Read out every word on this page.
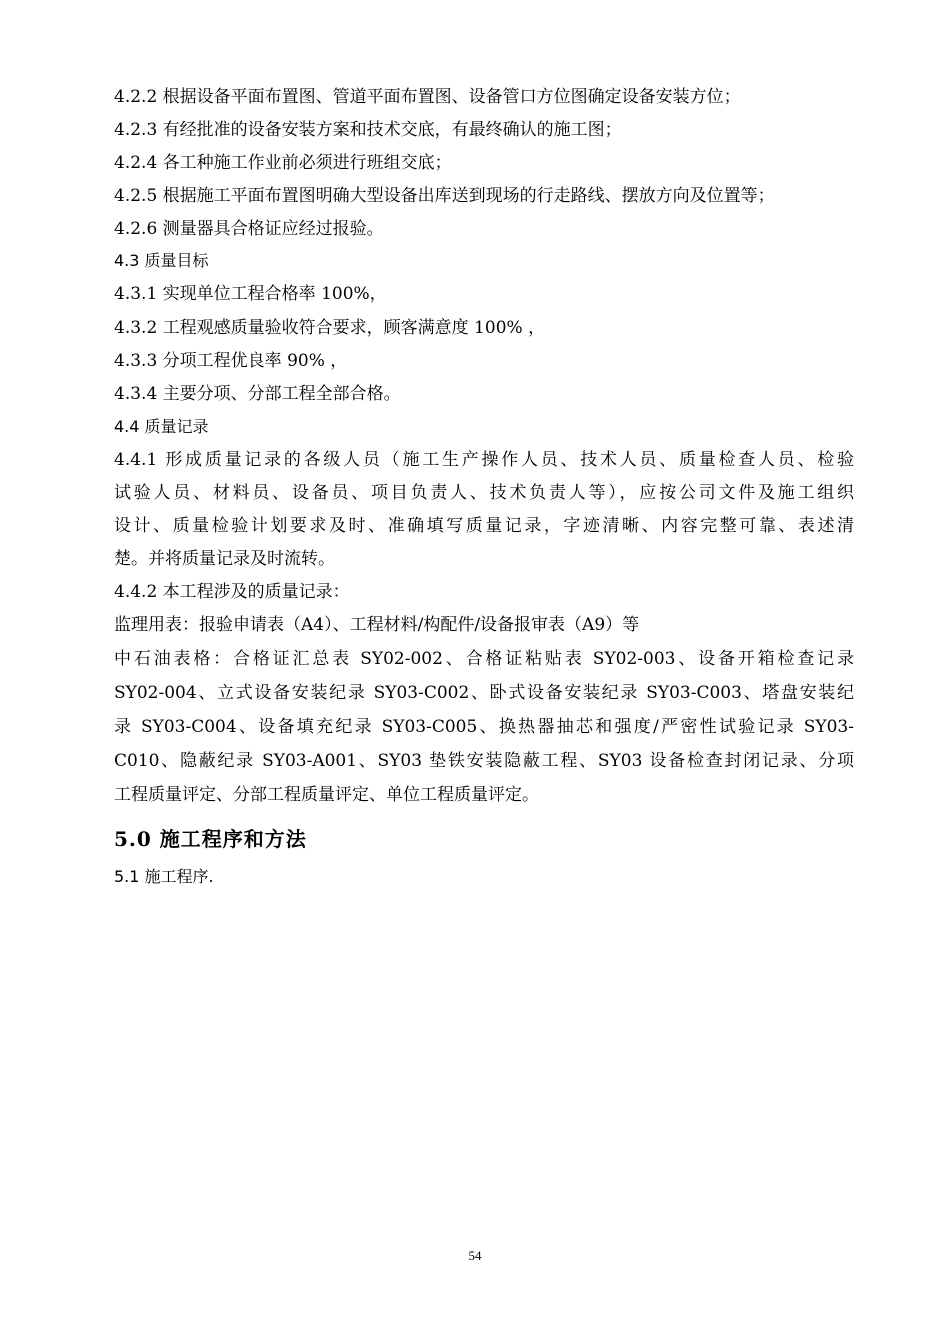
4.2.2 根据设备平面布置图、管道平面布置图、设备管口方位图确定设备安装方位；
4.2.3 有经批准的设备安装方案和技术交底，有最终确认的施工图；
4.2.4 各工种施工作业前必须进行班组交底；
4.2.5 根据施工平面布置图明确大型设备出库送到现场的行走路线、摆放方向及位置等；
4.2.6 测量器具合格证应经过报验。
4.3 质量目标
4.3.1 实现单位工程合格率 100%，
4.3.2 工程观感质量验收符合要求，顾客满意度 100% ，
4.3.3 分项工程优良率 90% ，
4.3.4 主要分项、分部工程全部合格。
4.4 质量记录
4.4.1 形成质量记录的各级人员（施工生产操作人员、技术人员、质量检查人员、检验
试验人员、材料员、设备员、项目负责人、技术负责人等），应按公司文件及施工组织
设计、质量检验计划要求及时、准确填写质量记录，字迹清晰、内容完整可靠、表述清
楚。并将质量记录及时流转。
4.4.2 本工程涉及的质量记录：
监理用表：报验申请表（A4）、工程材料/构配件/设备报审表（A9）等
中石油表格：合格证汇总表 SY02-002、合格证粘贴表 SY02-003、设备开箱检查记录
SY02-004、立式设备安装纪录 SY03-C002、卧式设备安装纪录 SY03-C003、塔盘安装纪
录 SY03-C004、设备填充纪录 SY03-C005、换热器抽芯和强度/严密性试验记录 SY03-
C010、隐蔽纪录 SY03-A001、SY03 垫铁安装隐蔽工程、SY03 设备检查封闭记录、分项
工程质量评定、分部工程质量评定、单位工程质量评定。
5.0 施工程序和方法
5.1 施工程序.
54
